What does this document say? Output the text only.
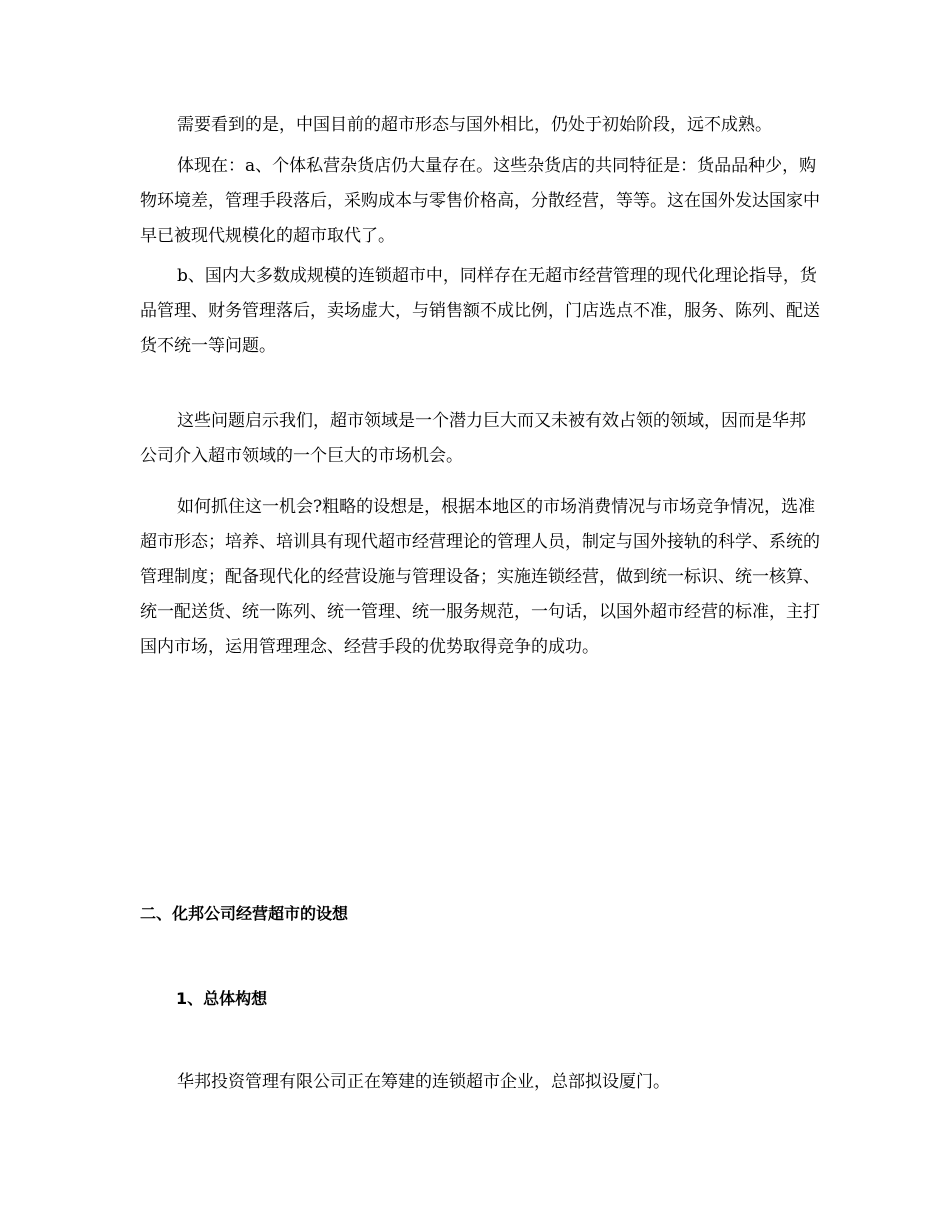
需要看到的是，中国目前的超市形态与国外相比，仍处于初始阶段，远不成熟。

体现在：a、个体私营杂货店仍大量存在。这些杂货店的共同特征是：货品品种少，购物环境差，管理手段落后，采购成本与零售价格高，分散经营，等等。这在国外发达国家中早已被现代规模化的超市取代了。

b、国内大多数成规模的连锁超市中，同样存在无超市经营管理的现代化理论指导，货品管理、财务管理落后，卖场虚大，与销售额不成比例，门店选点不准，服务、陈列、配送货不统一等问题。

这些问题启示我们，超市领域是一个潜力巨大而又未被有效占领的领域，因而是华邦公司介入超市领域的一个巨大的市场机会。

如何抓住这一机会?粗略的设想是，根据本地区的市场消费情况与市场竞争情况，选准超市形态；培养、培训具有现代超市经营理论的管理人员，制定与国外接轨的科学、系统的管理制度；配备现代化的经营设施与管理设备；实施连锁经营，做到统一标识、统一核算、统一配送货、统一陈列、统一管理、统一服务规范，一句话，以国外超市经营的标准，主打国内市场，运用管理理念、经营手段的优势取得竞争的成功。

二、化邦公司经营超市的设想
1、总体构想

华邦投资管理有限公司正在筹建的连锁超市企业，总部拟设厦门。
